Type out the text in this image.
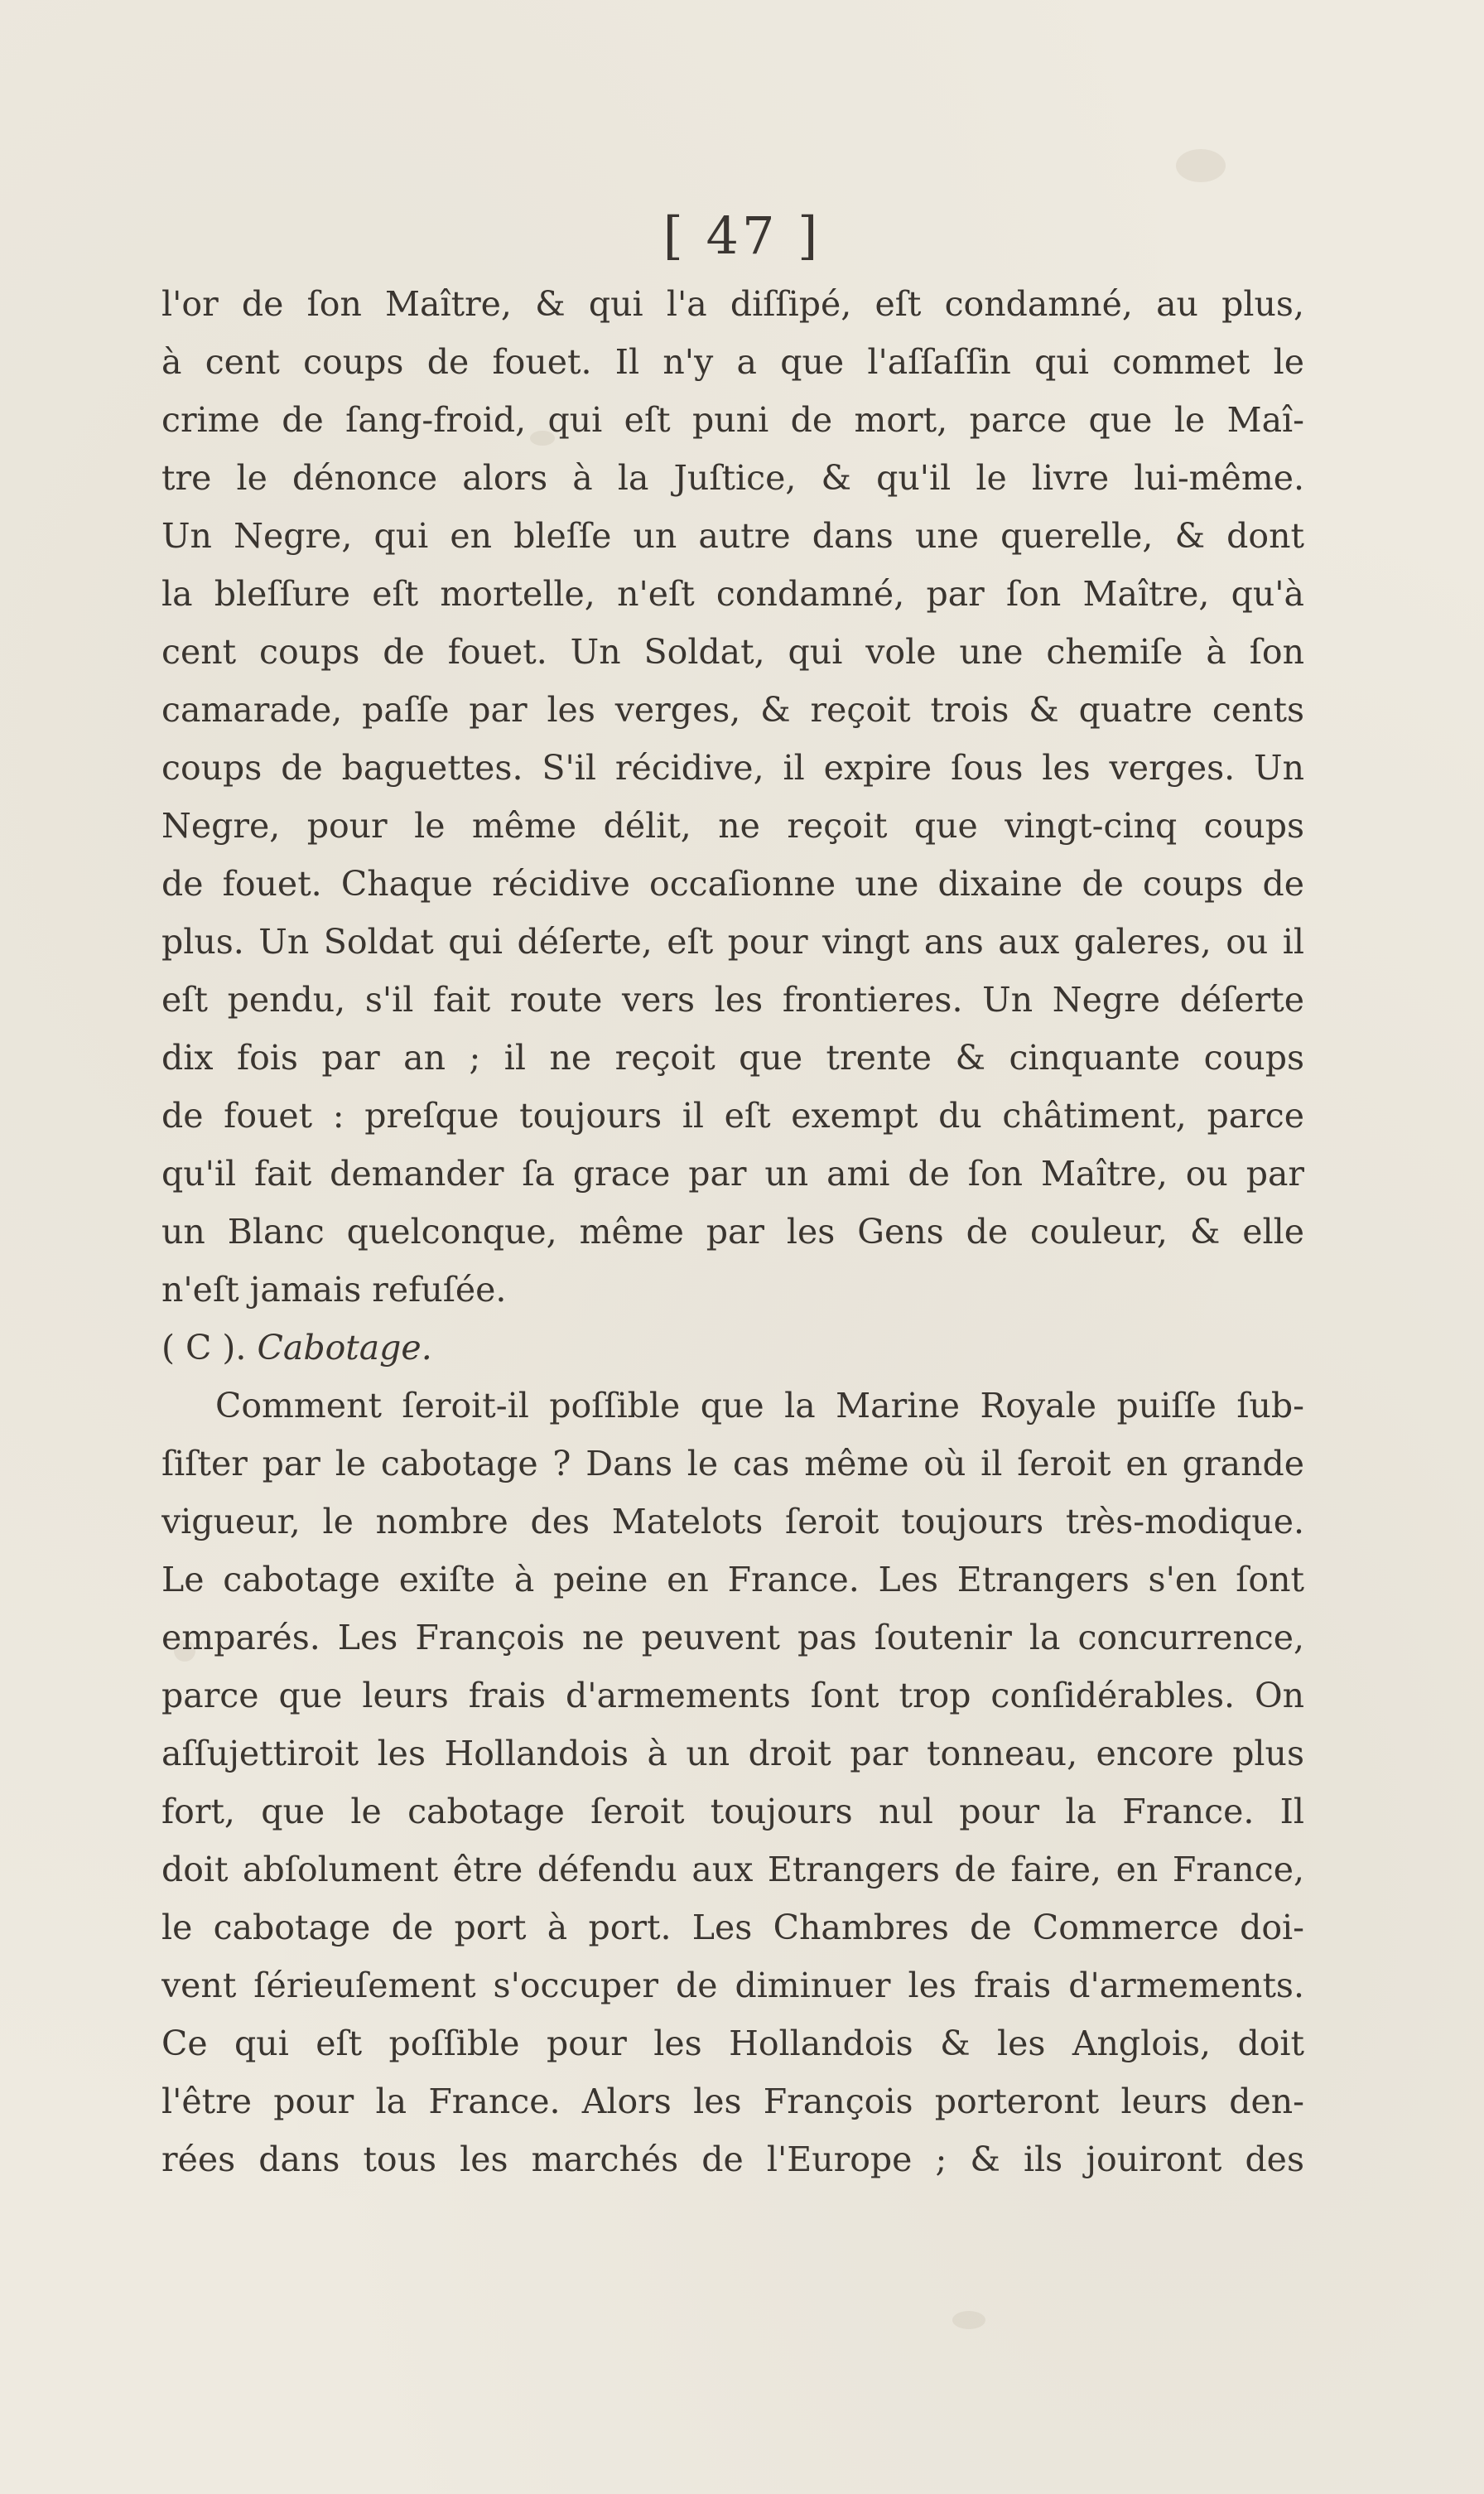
[ 47 ]
l'or de ſon Maître, & qui l'a diſſipé, eſt condamné, au plus,
à cent coups de fouet. Il n'y a que l'aſſaſſin qui commet le
crime de ſang-froid, qui eſt puni de mort, parce que le Maî-
tre le dénonce alors à la Juſtice, & qu'il le livre lui-même.
Un Negre, qui en bleſſe un autre dans une querelle, & dont
la bleſſure eſt mortelle, n'eſt condamné, par ſon Maître, qu'à
cent coups de fouet. Un Soldat, qui vole une chemiſe à ſon
camarade, paſſe par les verges, & reçoit trois & quatre cents
coups de baguettes. S'il récidive, il expire ſous les verges. Un
Negre, pour le même délit, ne reçoit que vingt-cinq coups
de fouet. Chaque récidive occaſionne une dixaine de coups de
plus. Un Soldat qui déſerte, eſt pour vingt ans aux galeres, ou il
eſt pendu, s'il fait route vers les frontieres. Un Negre déſerte
dix fois par an ; il ne reçoit que trente & cinquante coups
de fouet : preſque toujours il eſt exempt du châtiment, parce
qu'il fait demander ſa grace par un ami de ſon Maître, ou par
un Blanc quelconque, même par les Gens de couleur, & elle
n'eſt jamais refuſée.
( C ). Cabotage.
Comment ſeroit-il poſſible que la Marine Royale puiſſe ſub-
ſiſter par le cabotage ? Dans le cas même où il ſeroit en grande
vigueur, le nombre des Matelots ſeroit toujours très-modique.
Le cabotage exiſte à peine en France. Les Etrangers s'en ſont
emparés. Les François ne peuvent pas ſoutenir la concurrence,
parce que leurs frais d'armements ſont trop conſidérables. On
aſſujettiroit les Hollandois à un droit par tonneau, encore plus
fort, que le cabotage ſeroit toujours nul pour la France. Il
doit abſolument être défendu aux Etrangers de faire, en France,
le cabotage de port à port. Les Chambres de Commerce doi-
vent ſérieuſement s'occuper de diminuer les frais d'armements.
Ce qui eſt poſſible pour les Hollandois & les Anglois, doit
l'être pour la France. Alors les François porteront leurs den-
rées dans tous les marchés de l'Europe ; & ils jouiront des
